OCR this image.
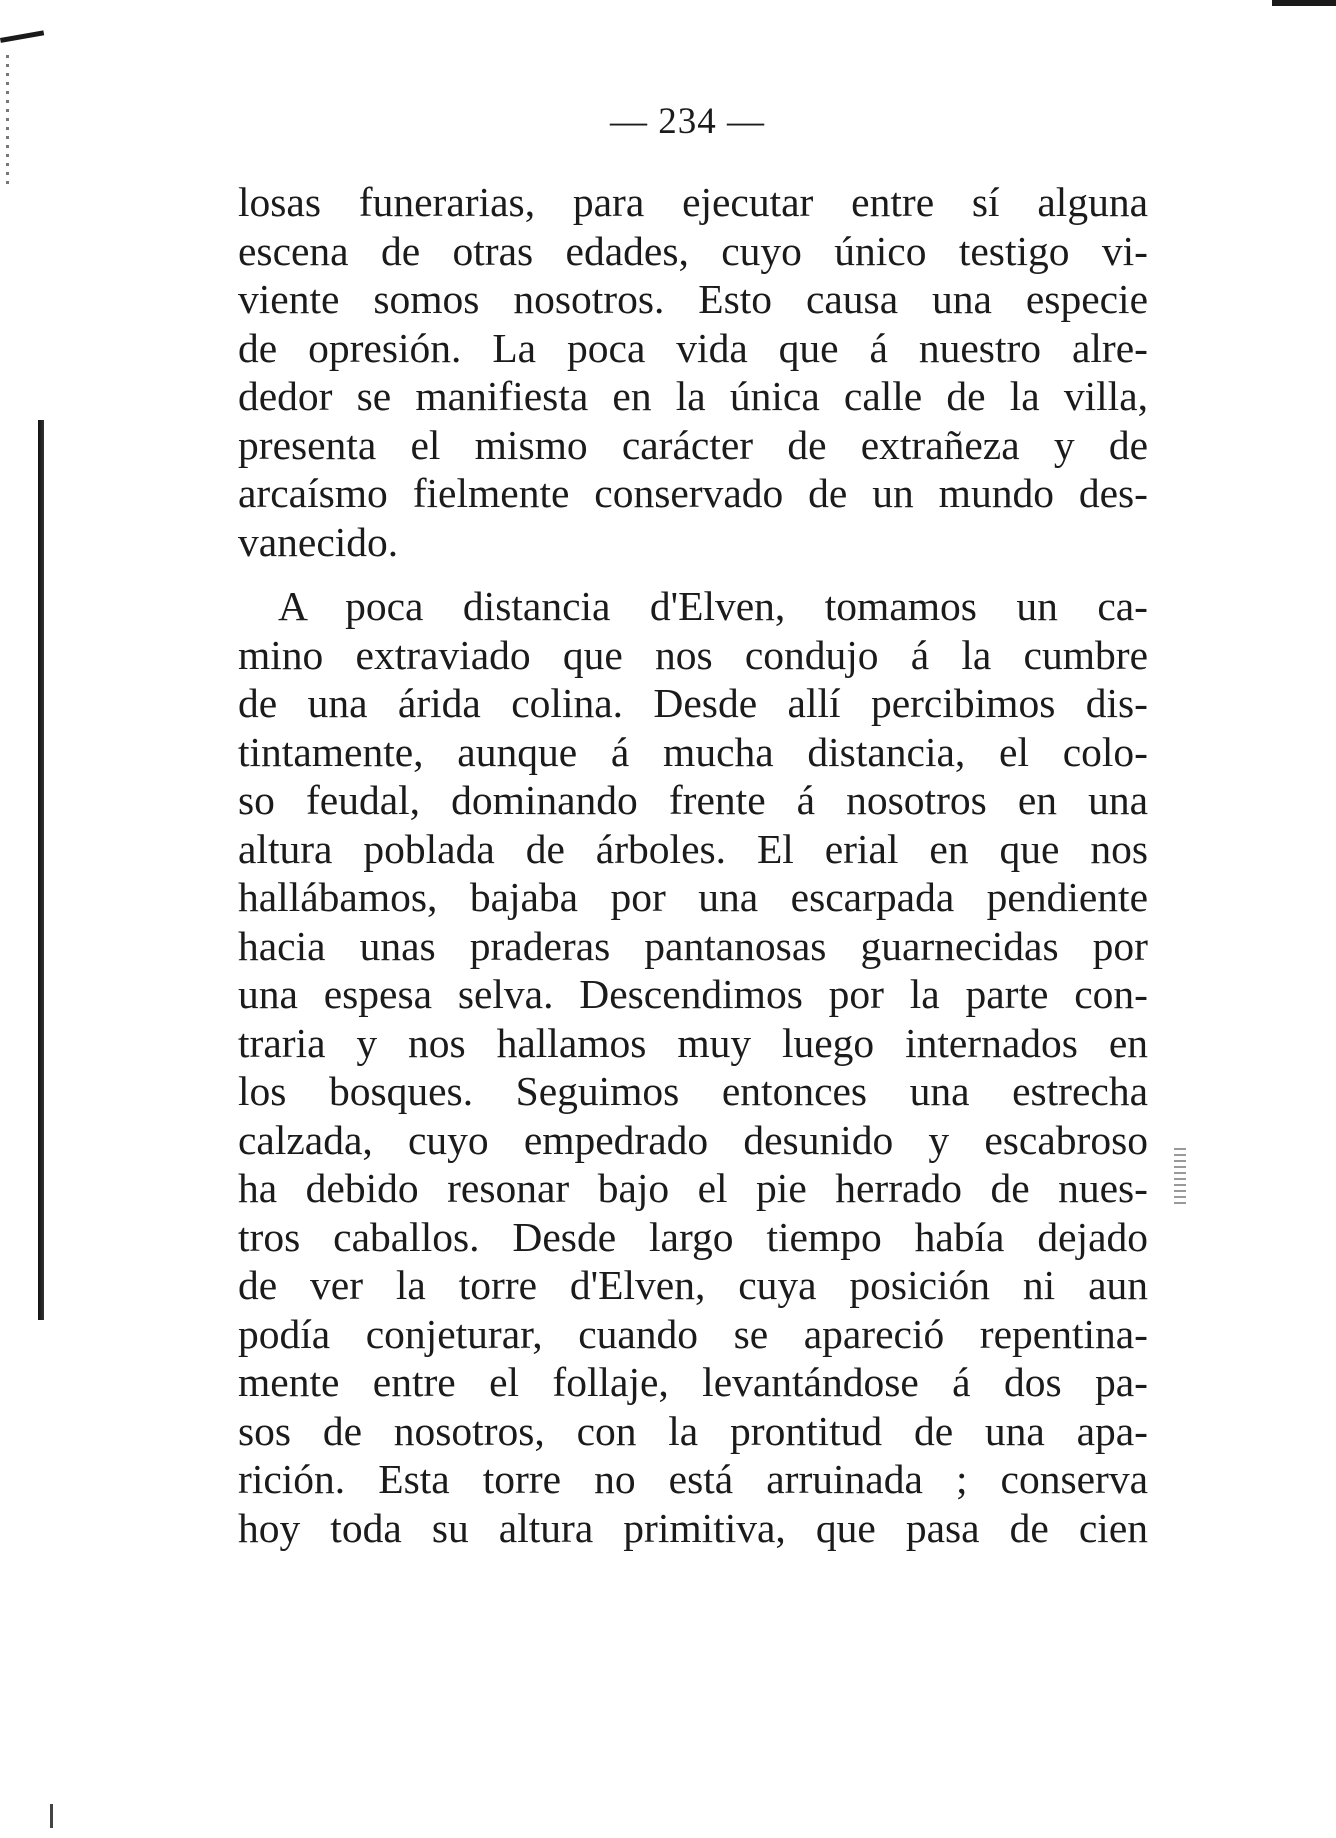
— 234 —
losas funerarias, para ejecutar entre sí alguna
escena de otras edades, cuyo único testigo vi-
viente somos nosotros. Esto causa una especie
de opresión. La poca vida que á nuestro alre-
dedor se manifiesta en la única calle de la villa,
presenta el mismo carácter de extrañeza y de
arcaísmo fielmente conservado de un mundo des-
vanecido.
A poca distancia d'Elven, tomamos un ca-
mino extraviado que nos condujo á la cumbre
de una árida colina. Desde allí percibimos dis-
tintamente, aunque á mucha distancia, el colo-
so feudal, dominando frente á nosotros en una
altura poblada de árboles. El erial en que nos
hallábamos, bajaba por una escarpada pendiente
hacia unas praderas pantanosas guarnecidas por
una espesa selva. Descendimos por la parte con-
traria y nos hallamos muy luego internados en
los bosques. Seguimos entonces una estrecha
calzada, cuyo empedrado desunido y escabroso
ha debido resonar bajo el pie herrado de nues-
tros caballos. Desde largo tiempo había dejado
de ver la torre d'Elven, cuya posición ni aun
podía conjeturar, cuando se apareció repentina-
mente entre el follaje, levantándose á dos pa-
sos de nosotros, con la prontitud de una apa-
rición. Esta torre no está arruinada ; conserva
hoy toda su altura primitiva, que pasa de cien
